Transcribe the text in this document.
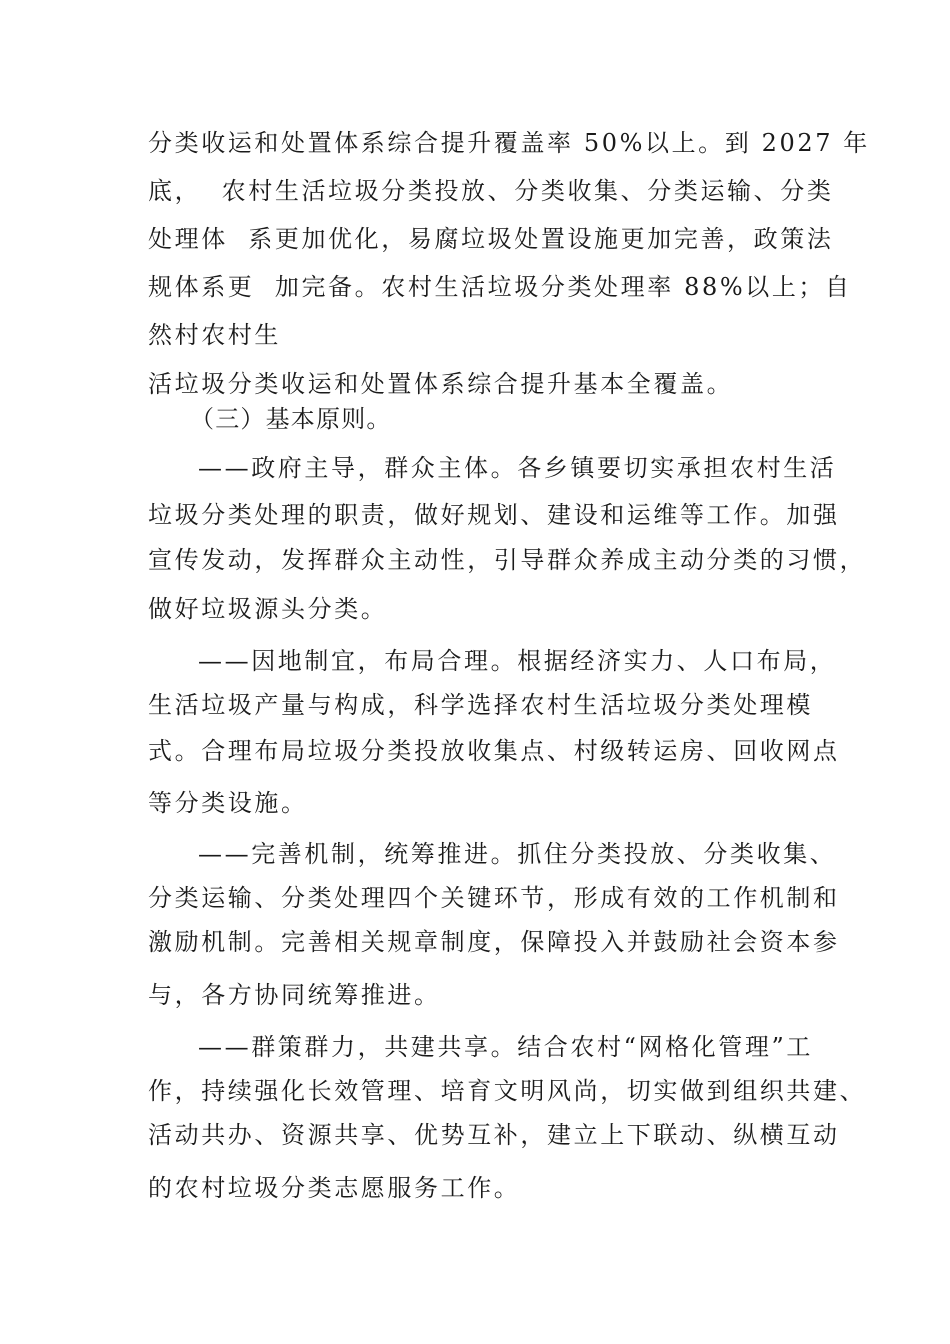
分类收运和处置体系综合提升覆盖率 50%以上。到 2027 年
底，  农村生活垃圾分类投放、分类收集、分类运输、分类
处理体  系更加优化，易腐垃圾处置设施更加完善，政策法
规体系更  加完备。农村生活垃圾分类处理率 88%以上；自
然村农村生
活垃圾分类收运和处置体系综合提升基本全覆盖。
（三）基本原则。
——政府主导，群众主体。各乡镇要切实承担农村生活
垃圾分类处理的职责，做好规划、建设和运维等工作。加强
宣传发动，发挥群众主动性，引导群众养成主动分类的习惯，
做好垃圾源头分类。
——因地制宜，布局合理。根据经济实力、人口布局，
生活垃圾产量与构成，科学选择农村生活垃圾分类处理模
式。合理布局垃圾分类投放收集点、村级转运房、回收网点
等分类设施。
——完善机制，统筹推进。抓住分类投放、分类收集、
分类运输、分类处理四个关键环节，形成有效的工作机制和
激励机制。完善相关规章制度，保障投入并鼓励社会资本参
与，各方协同统筹推进。
——群策群力，共建共享。结合农村“网格化管理”工
作，持续强化长效管理、培育文明风尚，切实做到组织共建、
活动共办、资源共享、优势互补，建立上下联动、纵横互动
的农村垃圾分类志愿服务工作。
